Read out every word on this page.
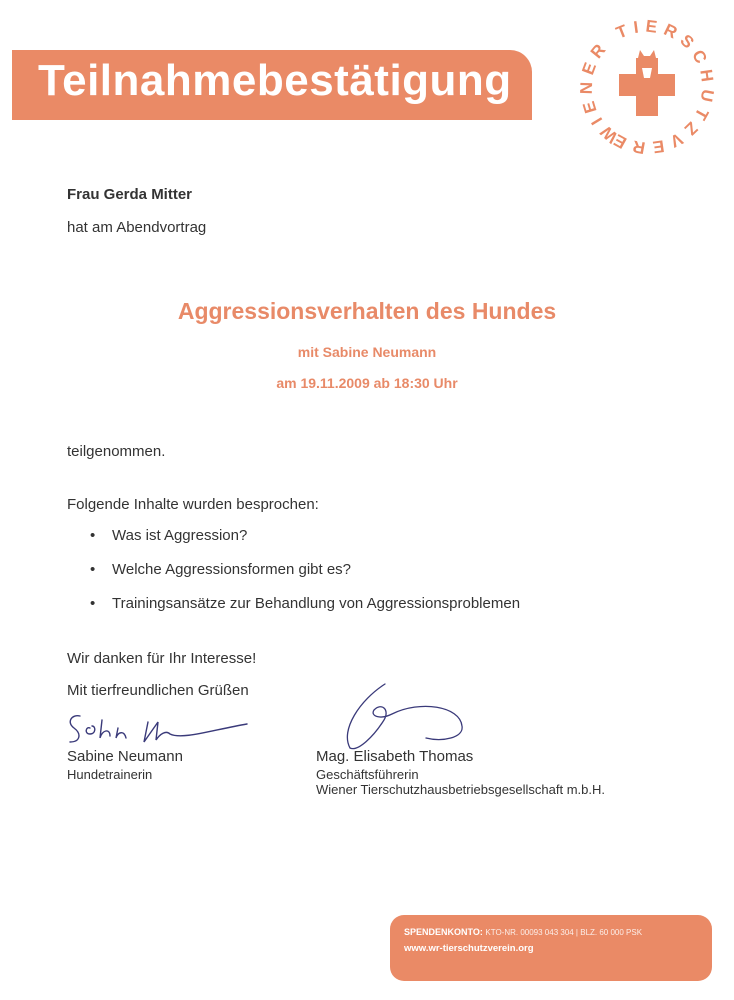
Teilnahmebestätigung
WIENER TIERSCHUTZVEREIN
Frau Gerda Mitter
hat am Abendvortrag
Aggressionsverhalten des Hundes
mit Sabine Neumann
am 19.11.2009 ab 18:30 Uhr
teilgenommen.
Folgende Inhalte wurden besprochen:
• Was ist Aggression?
• Welche Aggressionsformen gibt es?
• Trainingsansätze zur Behandlung von Aggressionsproblemen
Wir danken für Ihr Interesse!
Mit tierfreundlichen Grüßen
Sabine Neumann
Hundetrainerin
Mag. Elisabeth Thomas
Geschäftsführerin
Wiener Tierschutzhausbetriebsgesellschaft m.b.H.
SPENDENKONTO: KTO-NR. 00093 043 304 | BLZ. 60 000 PSK
www.wr-tierschutzverein.org
